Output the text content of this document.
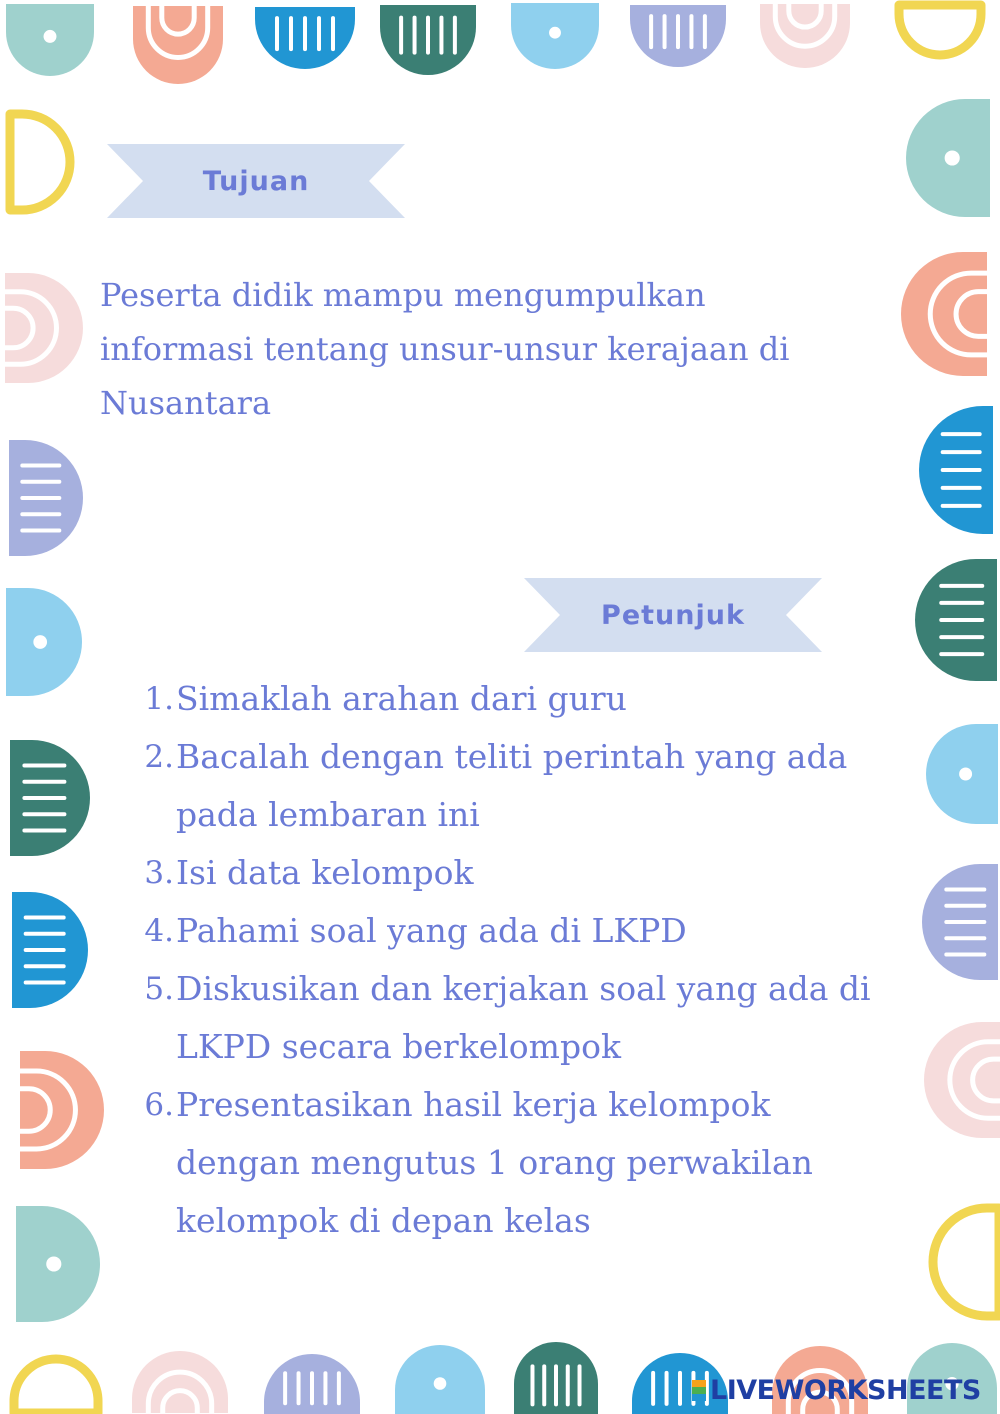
Tujuan

Peserta didik mampu mengumpulkan
informasi tentang unsur-unsur kerajaan di
Nusantara

Petunjuk
1. Simaklah arahan dari guru
2. Bacalah dengan teliti perintah yang ada
pada lembaran ini
3. Isi data kelompok
4. Pahami soal yang ada di LKPD
5. Diskusikan dan kerjakan soal yang ada di
LKPD secara berkelompok
6. Presentasikan hasil kerja kelompok
dengan mengutus 1 orang perwakilan
kelompok di depan kelas
LIVEWORKSHEETS
